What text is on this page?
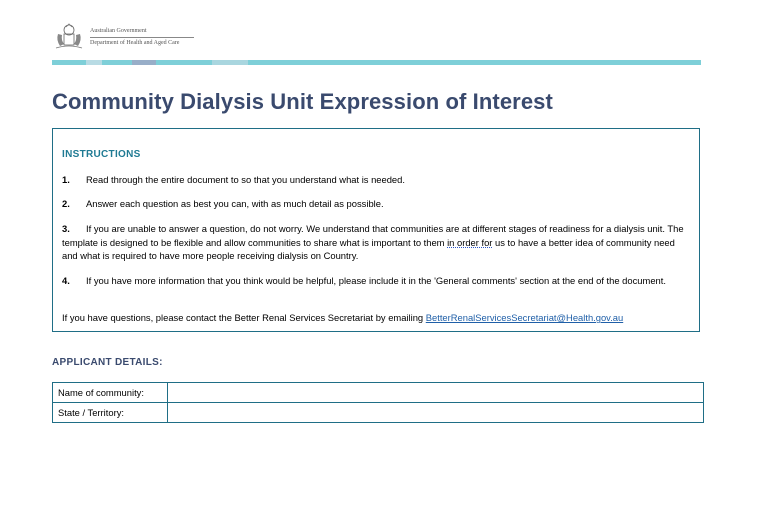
Australian Government
Department of Health and Aged Care
Community Dialysis Unit Expression of Interest
INSTRUCTIONS
1. Read through the entire document to so that you understand what is needed.
2. Answer each question as best you can, with as much detail as possible.
3. If you are unable to answer a question, do not worry. We understand that communities are at different stages of readiness for a dialysis unit. The template is designed to be flexible and allow communities to share what is important to them in order for us to have a better idea of community need and what is required to have more people receiving dialysis on Country.
4. If you have more information that you think would be helpful, please include it in the 'General comments' section at the end of the document.
If you have questions, please contact the Better Renal Services Secretariat by emailing BetterRenalServicesSecretariat@Health.gov.au
APPLICANT DETAILS:
Name of community:	
State / Territory:	
